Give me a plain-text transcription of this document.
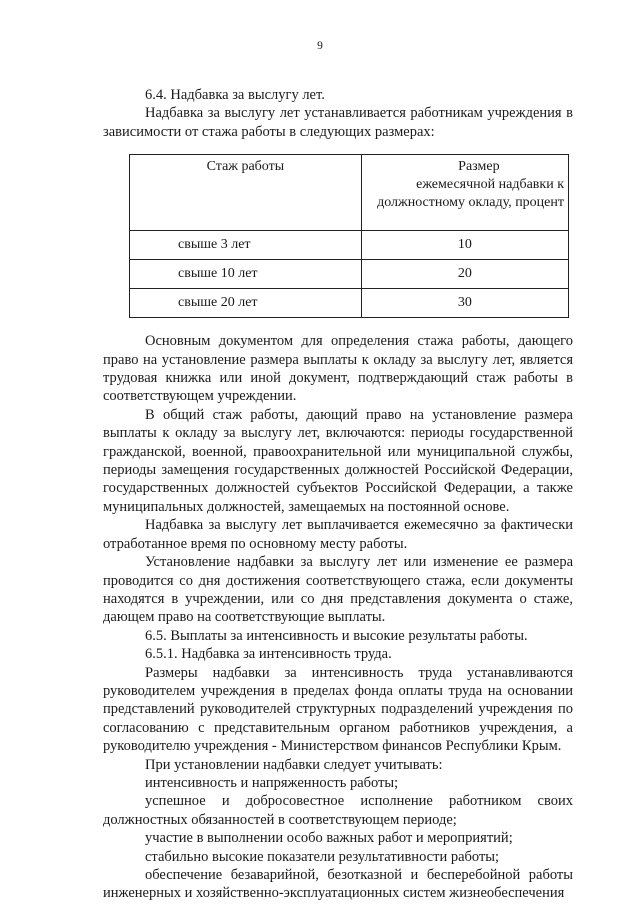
9

6.4. Надбавка за выслугу лет.

Надбавка за выслугу лет устанавливается работникам учреждения в зависимости от стажа работы в следующих размерах:

Стаж работы	Размер
ежемесячной надбавки к
должностному окладу, процент

свыше 3 лет	10
свыше 10 лет	20
свыше 20 лет	30

Основным документом для определения стажа работы, дающего право на установление размера выплаты к окладу за выслугу лет, является трудовая книжка или иной документ, подтверждающий стаж работы в соответствующем учреждении.

В общий стаж работы, дающий право на установление размера выплаты к окладу за выслугу лет, включаются: периоды государственной гражданской, военной, правоохранительной или муниципальной службы, периоды замещения государственных должностей Российской Федерации, государственных должностей субъектов Российской Федерации, а также муниципальных должностей, замещаемых на постоянной основе.

Надбавка за выслугу лет выплачивается ежемесячно за фактически отработанное время по основному месту работы.

Установление надбавки за выслугу лет или изменение ее размера проводится со дня достижения соответствующего стажа, если документы находятся в учреждении, или со дня представления документа о стаже, дающем право на соответствующие выплаты.

6.5. Выплаты за интенсивность и высокие результаты работы.

6.5.1. Надбавка за интенсивность труда.

Размеры надбавки за интенсивность труда устанавливаются руководителем учреждения в пределах фонда оплаты труда на основании представлений руководителей структурных подразделений учреждения по согласованию с представительным органом работников учреждения, а руководителю учреждения - Министерством финансов Республики Крым.

При установлении надбавки следует учитывать:

интенсивность и напряженность работы;

успешное и добросовестное исполнение работником своих должностных обязанностей в соответствующем периоде;

участие в выполнении особо важных работ и мероприятий;

стабильно высокие показатели результативности работы;

обеспечение безаварийной, безотказной и бесперебойной работы инженерных и хозяйственно-эксплуатационных систем жизнеобеспечения
